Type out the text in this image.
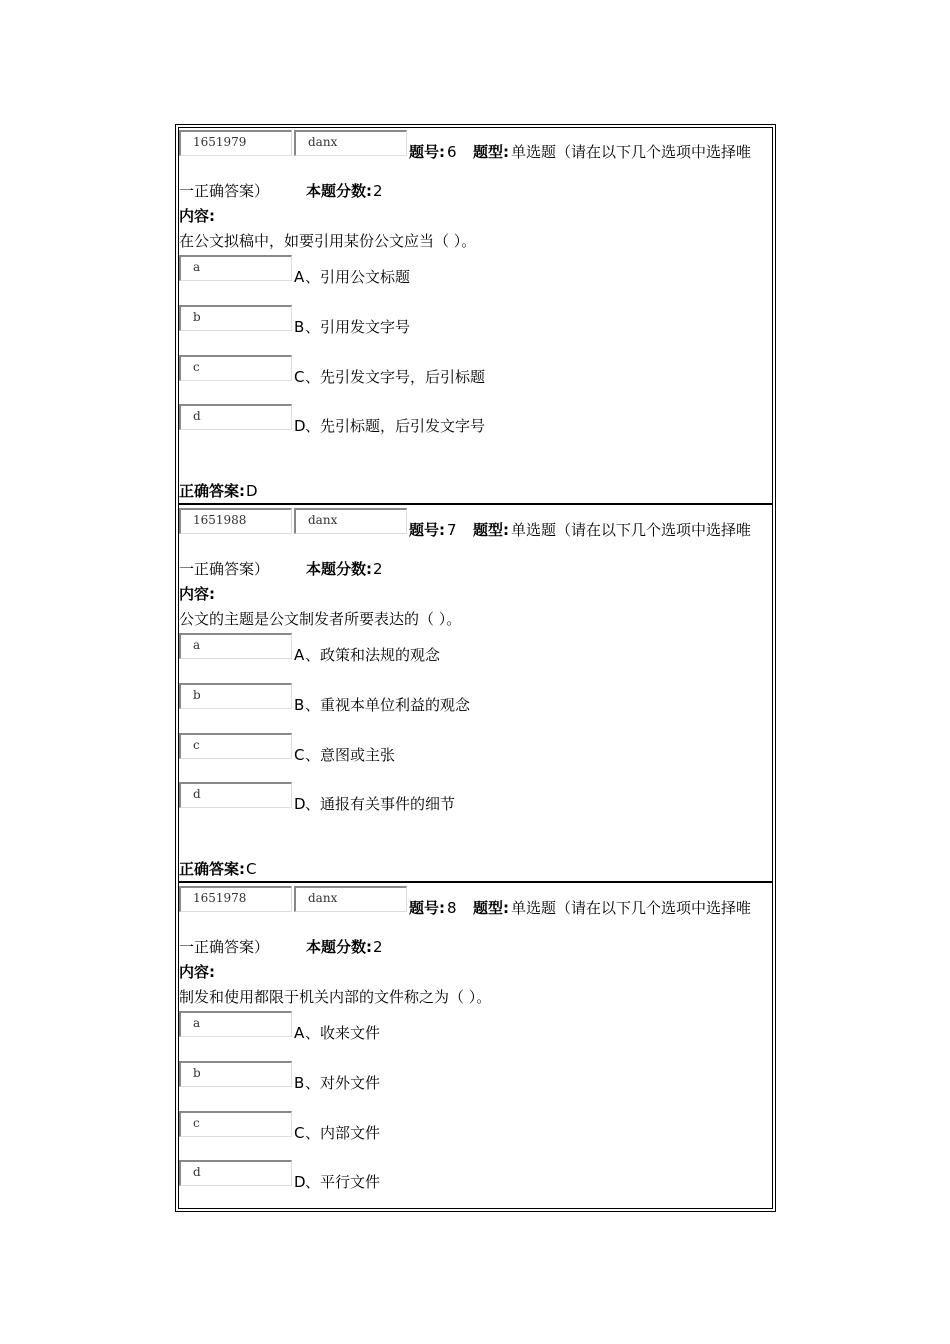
1651979	danx
题号: 6 题型: 单选题（请在以下几个选项中选择唯
一正确答案） 本题分数: 2
内容:
在公文拟稿中，如要引用某份公文应当（ ）。
a
A 、引用公文标题
b
B 、引用发文字号
c
C 、先引发文字号，后引标题
d
D 、先引标题，后引发文字号
正确答案: D
1651988	danx
题号: 7 题型: 单选题（请在以下几个选项中选择唯
一正确答案） 本题分数: 2
内容:
公文的主题是公文制发者所要表达的（ ）。
a
A 、政策和法规的观念
b
B 、重视本单位利益的观念
c
C 、意图或主张
d
D 、通报有关事件的细节
正确答案: C
1651978	danx
题号: 8 题型: 单选题（请在以下几个选项中选择唯
一正确答案） 本题分数: 2
内容:
制发和使用都限于机关内部的文件称之为（ ）。
a
A 、收来文件
b
B 、对外文件
c
C 、内部文件
d
D 、平行文件
